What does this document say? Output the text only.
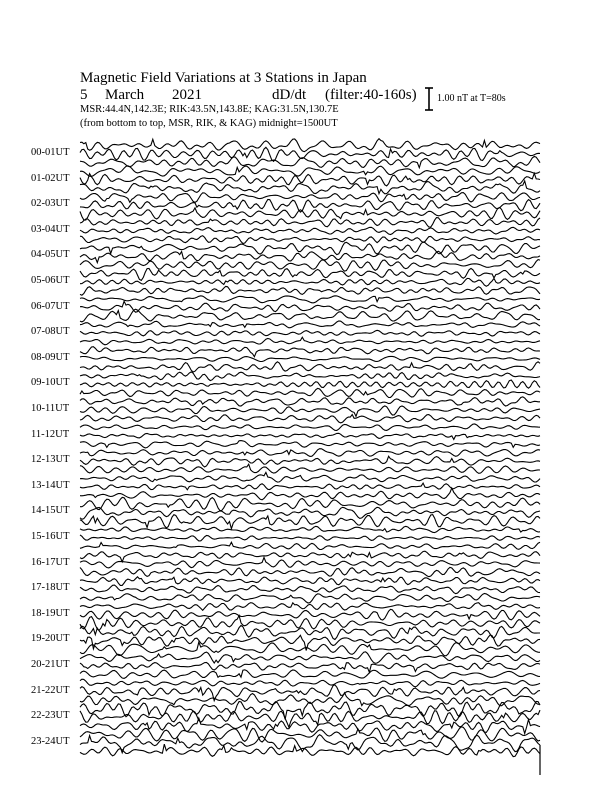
Magnetic Field Variations at 3 Stations in Japan
5 March 2021	dD/dt (filter:40-160s)
MSR:44.4N,142.3E; RIK:43.5N,143.8E; KAG:31.5N,130.7E
(from bottom to top, MSR, RIK, & KAG) midnight=1500UT
1.00 nT at T=80s
00-01UT
01-02UT
02-03UT
03-04UT
04-05UT
05-06UT
06-07UT
07-08UT
08-09UT
09-10UT
10-11UT
11-12UT
12-13UT
13-14UT
14-15UT
15-16UT
16-17UT
17-18UT
18-19UT
19-20UT
20-21UT
21-22UT
22-23UT
23-24UT
